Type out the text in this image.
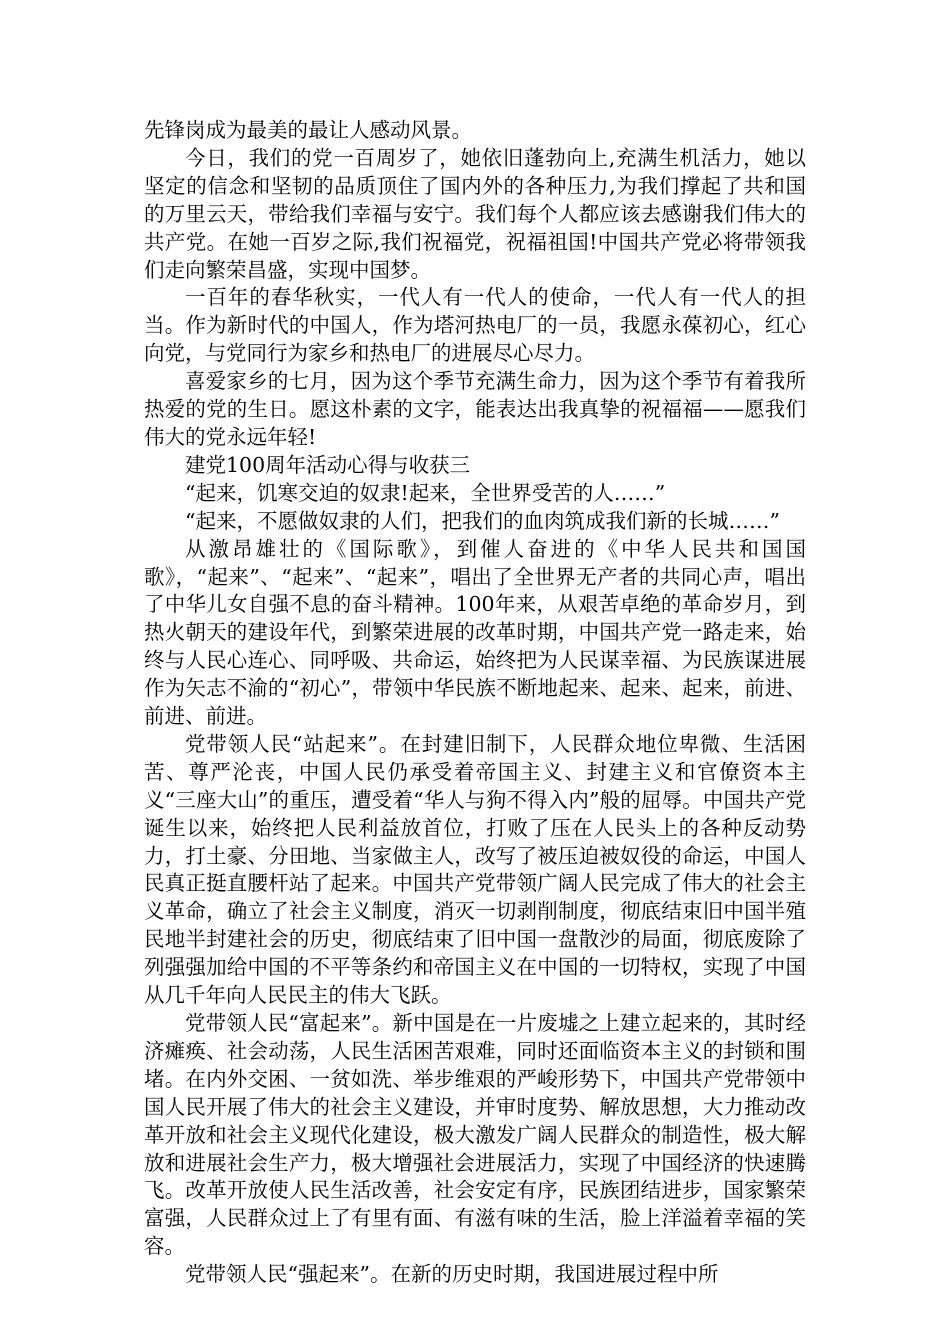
先锋岗成为最美的最让人感动风景。

今日，我们的党一百周岁了，她依旧蓬勃向上,充满生机活力，她以坚定的信念和坚韧的品质顶住了国内外的各种压力,为我们撑起了共和国的万里云天，带给我们幸福与安宁。我们每个人都应该去感谢我们伟大的共产党。在她一百岁之际,我们祝福党，祝福祖国!中国共产党必将带领我们走向繁荣昌盛，实现中国梦。

一百年的春华秋实，一代人有一代人的使命，一代人有一代人的担当。作为新时代的中国人，作为塔河热电厂的一员，我愿永葆初心，红心向党，与党同行为家乡和热电厂的进展尽心尽力。

喜爱家乡的七月，因为这个季节充满生命力，因为这个季节有着我所热爱的党的生日。愿这朴素的文字，能表达出我真挚的祝福福——愿我们伟大的党永远年轻!

建党100周年活动心得与收获三

“起来，饥寒交迫的奴隶!起来，全世界受苦的人……”

“起来，不愿做奴隶的人们，把我们的血肉筑成我们新的长城……”

从激昂雄壮的《国际歌》，到催人奋进的《中华人民共和国国歌》，“起来”、“起来”、“起来”，唱出了全世界无产者的共同心声，唱出了中华儿女自强不息的奋斗精神。100年来，从艰苦卓绝的革命岁月，到热火朝天的建设年代，到繁荣进展的改革时期，中国共产党一路走来，始终与人民心连心、同呼吸、共命运，始终把为人民谋幸福、为民族谋进展作为矢志不渝的“初心”，带领中华民族不断地起来、起来、起来，前进、前进、前进。

党带领人民“站起来”。在封建旧制下，人民群众地位卑微、生活困苦、尊严沦丧，中国人民仍承受着帝国主义、封建主义和官僚资本主义“三座大山”的重压，遭受着“华人与狗不得入内”般的屈辱。中国共产党诞生以来，始终把人民利益放首位，打败了压在人民头上的各种反动势力，打土豪、分田地、当家做主人，改写了被压迫被奴役的命运，中国人民真正挺直腰杆站了起来。中国共产党带领广阔人民完成了伟大的社会主义革命，确立了社会主义制度，消灭一切剥削制度，彻底结束旧中国半殖民地半封建社会的历史，彻底结束了旧中国一盘散沙的局面，彻底废除了列强强加给中国的不平等条约和帝国主义在中国的一切特权，实现了中国从几千年向人民民主的伟大飞跃。

党带领人民“富起来”。新中国是在一片废墟之上建立起来的，其时经济瘫痪、社会动荡，人民生活困苦艰难，同时还面临资本主义的封锁和围堵。在内外交困、一贫如洗、举步维艰的严峻形势下，中国共产党带领中国人民开展了伟大的社会主义建设，并审时度势、解放思想，大力推动改革开放和社会主义现代化建设，极大激发广阔人民群众的制造性，极大解放和进展社会生产力，极大增强社会进展活力，实现了中国经济的快速腾飞。改革开放使人民生活改善，社会安定有序，民族团结进步，国家繁荣富强，人民群众过上了有里有面、有滋有味的生活，脸上洋溢着幸福的笑容。

党带领人民“强起来”。在新的历史时期，我国进展过程中所
